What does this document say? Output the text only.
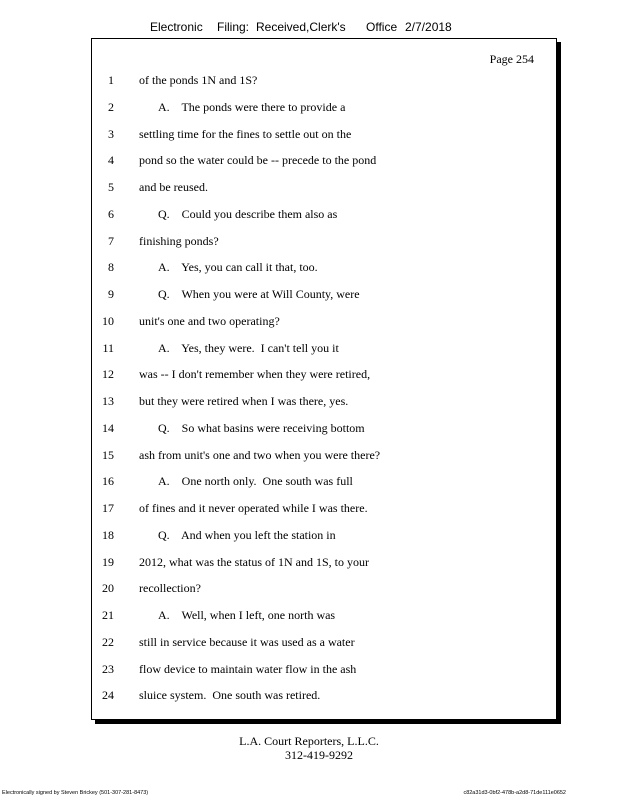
Electronic Filing: Received,Clerk's Office 2/7/2018
Page 254
1 of the ponds 1N and 1S?
2	A.    The ponds were there to provide a
3 settling time for the fines to settle out on the
4 pond so the water could be -- precede to the pond
5 and be reused.
6	Q.    Could you describe them also as
7 finishing ponds?
8	A.    Yes, you can call it that, too.
9	Q.    When you were at Will County, were
10 unit's one and two operating?
11	A.    Yes, they were.  I can't tell you it
12 was -- I don't remember when they were retired,
13 but they were retired when I was there, yes.
14	Q.    So what basins were receiving bottom
15 ash from unit's one and two when you were there?
16	A.    One north only.  One south was full
17 of fines and it never operated while I was there.
18	Q.    And when you left the station in
19 2012, what was the status of 1N and 1S, to your
20 recollection?
21	A.    Well, when I left, one north was
22 still in service because it was used as a water
23 flow device to maintain water flow in the ash
24 sluice system.  One south was retired.
L.A. Court Reporters, L.L.C.
312-419-9292
Electronically signed by Steven Brickey (501-307-281-8473)	c82a31d3-0bf2-478b-a2d8-71de111e0652
